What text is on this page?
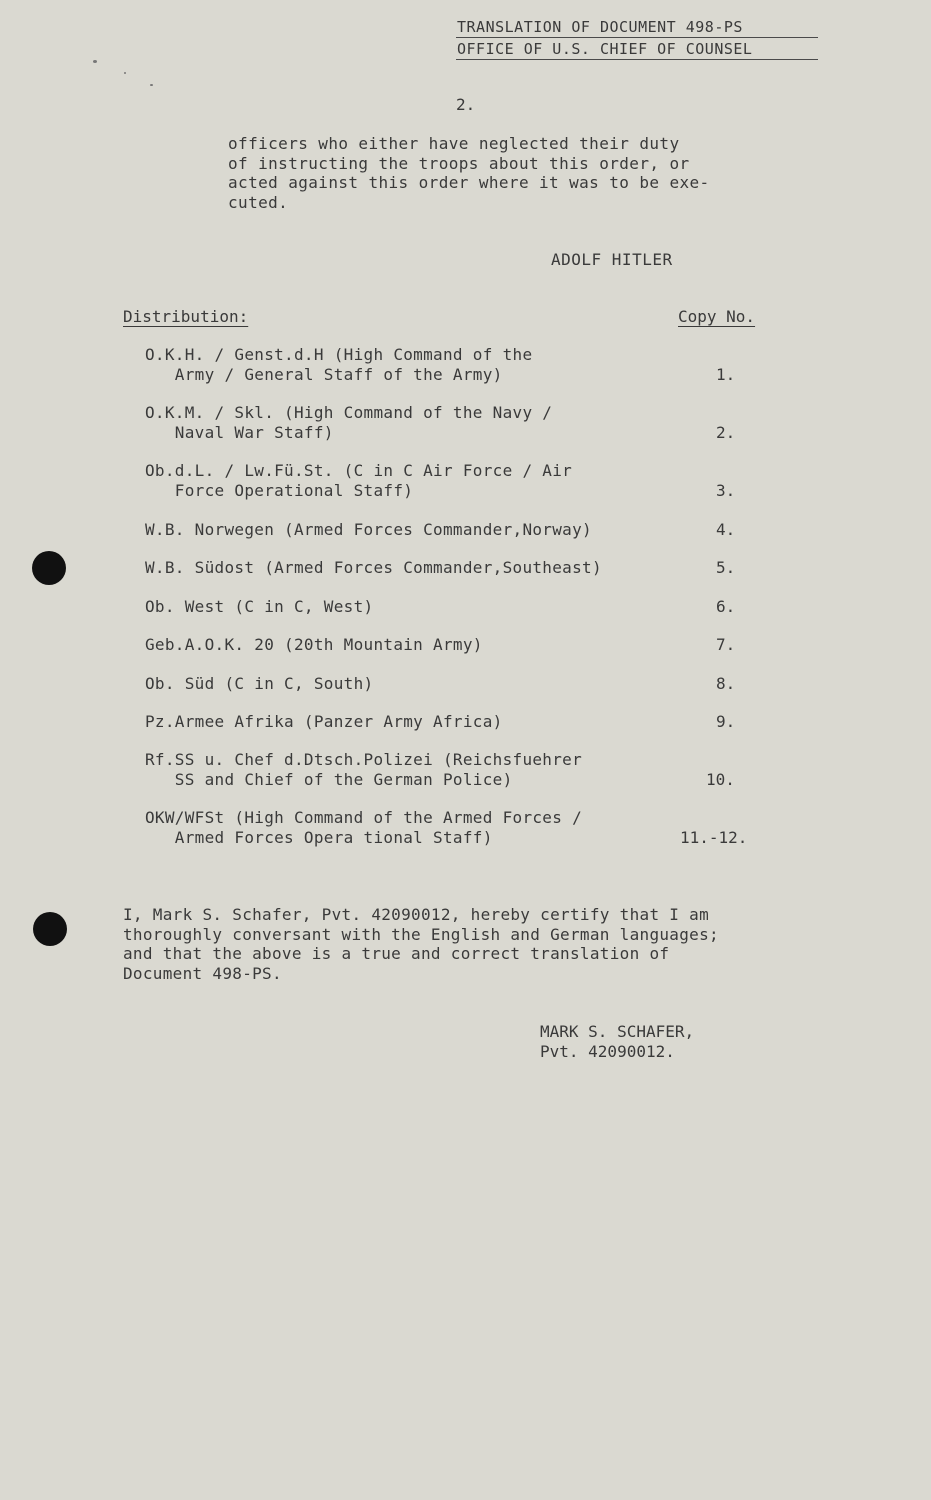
TRANSLATION OF DOCUMENT 498-PS
OFFICE OF U.S. CHIEF OF COUNSEL
2.
officers who either have neglected their duty
of instructing the troops about this order, or
acted against this order where it was to be exe-
cuted.
ADOLF HITLER
Distribution:	Copy No.
O.K.H. / Genst.d.H (High Command of the
Army / General Staff of the Army)	1.
O.K.M. / Skl. (High Command of the Navy /
Naval War Staff)	2.
Ob.d.L. / Lw.Fü.St. (C in C Air Force / Air
Force Operational Staff)	3.
W.B. Norwegen (Armed Forces Commander,Norway)	4.
W.B. Südost (Armed Forces Commander,Southeast)	5.
Ob. West (C in C, West)	6.
Geb.A.O.K. 20 (20th Mountain Army)	7.
Ob. Süd (C in C, South)	8.
Pz.Armee Afrika (Panzer Army Africa)	9.
Rf.SS u. Chef d.Dtsch.Polizei (Reichsfuehrer
SS and Chief of the German Police)	10.
OKW/WFSt (High Command of the Armed Forces /
Armed Forces Opera tional Staff)	11.-12.
I, Mark S. Schafer, Pvt. 42090012, hereby certify that I am
thoroughly conversant with the English and German languages;
and that the above is a true and correct translation of
Document 498-PS.
MARK S. SCHAFER,
Pvt. 42090012.
